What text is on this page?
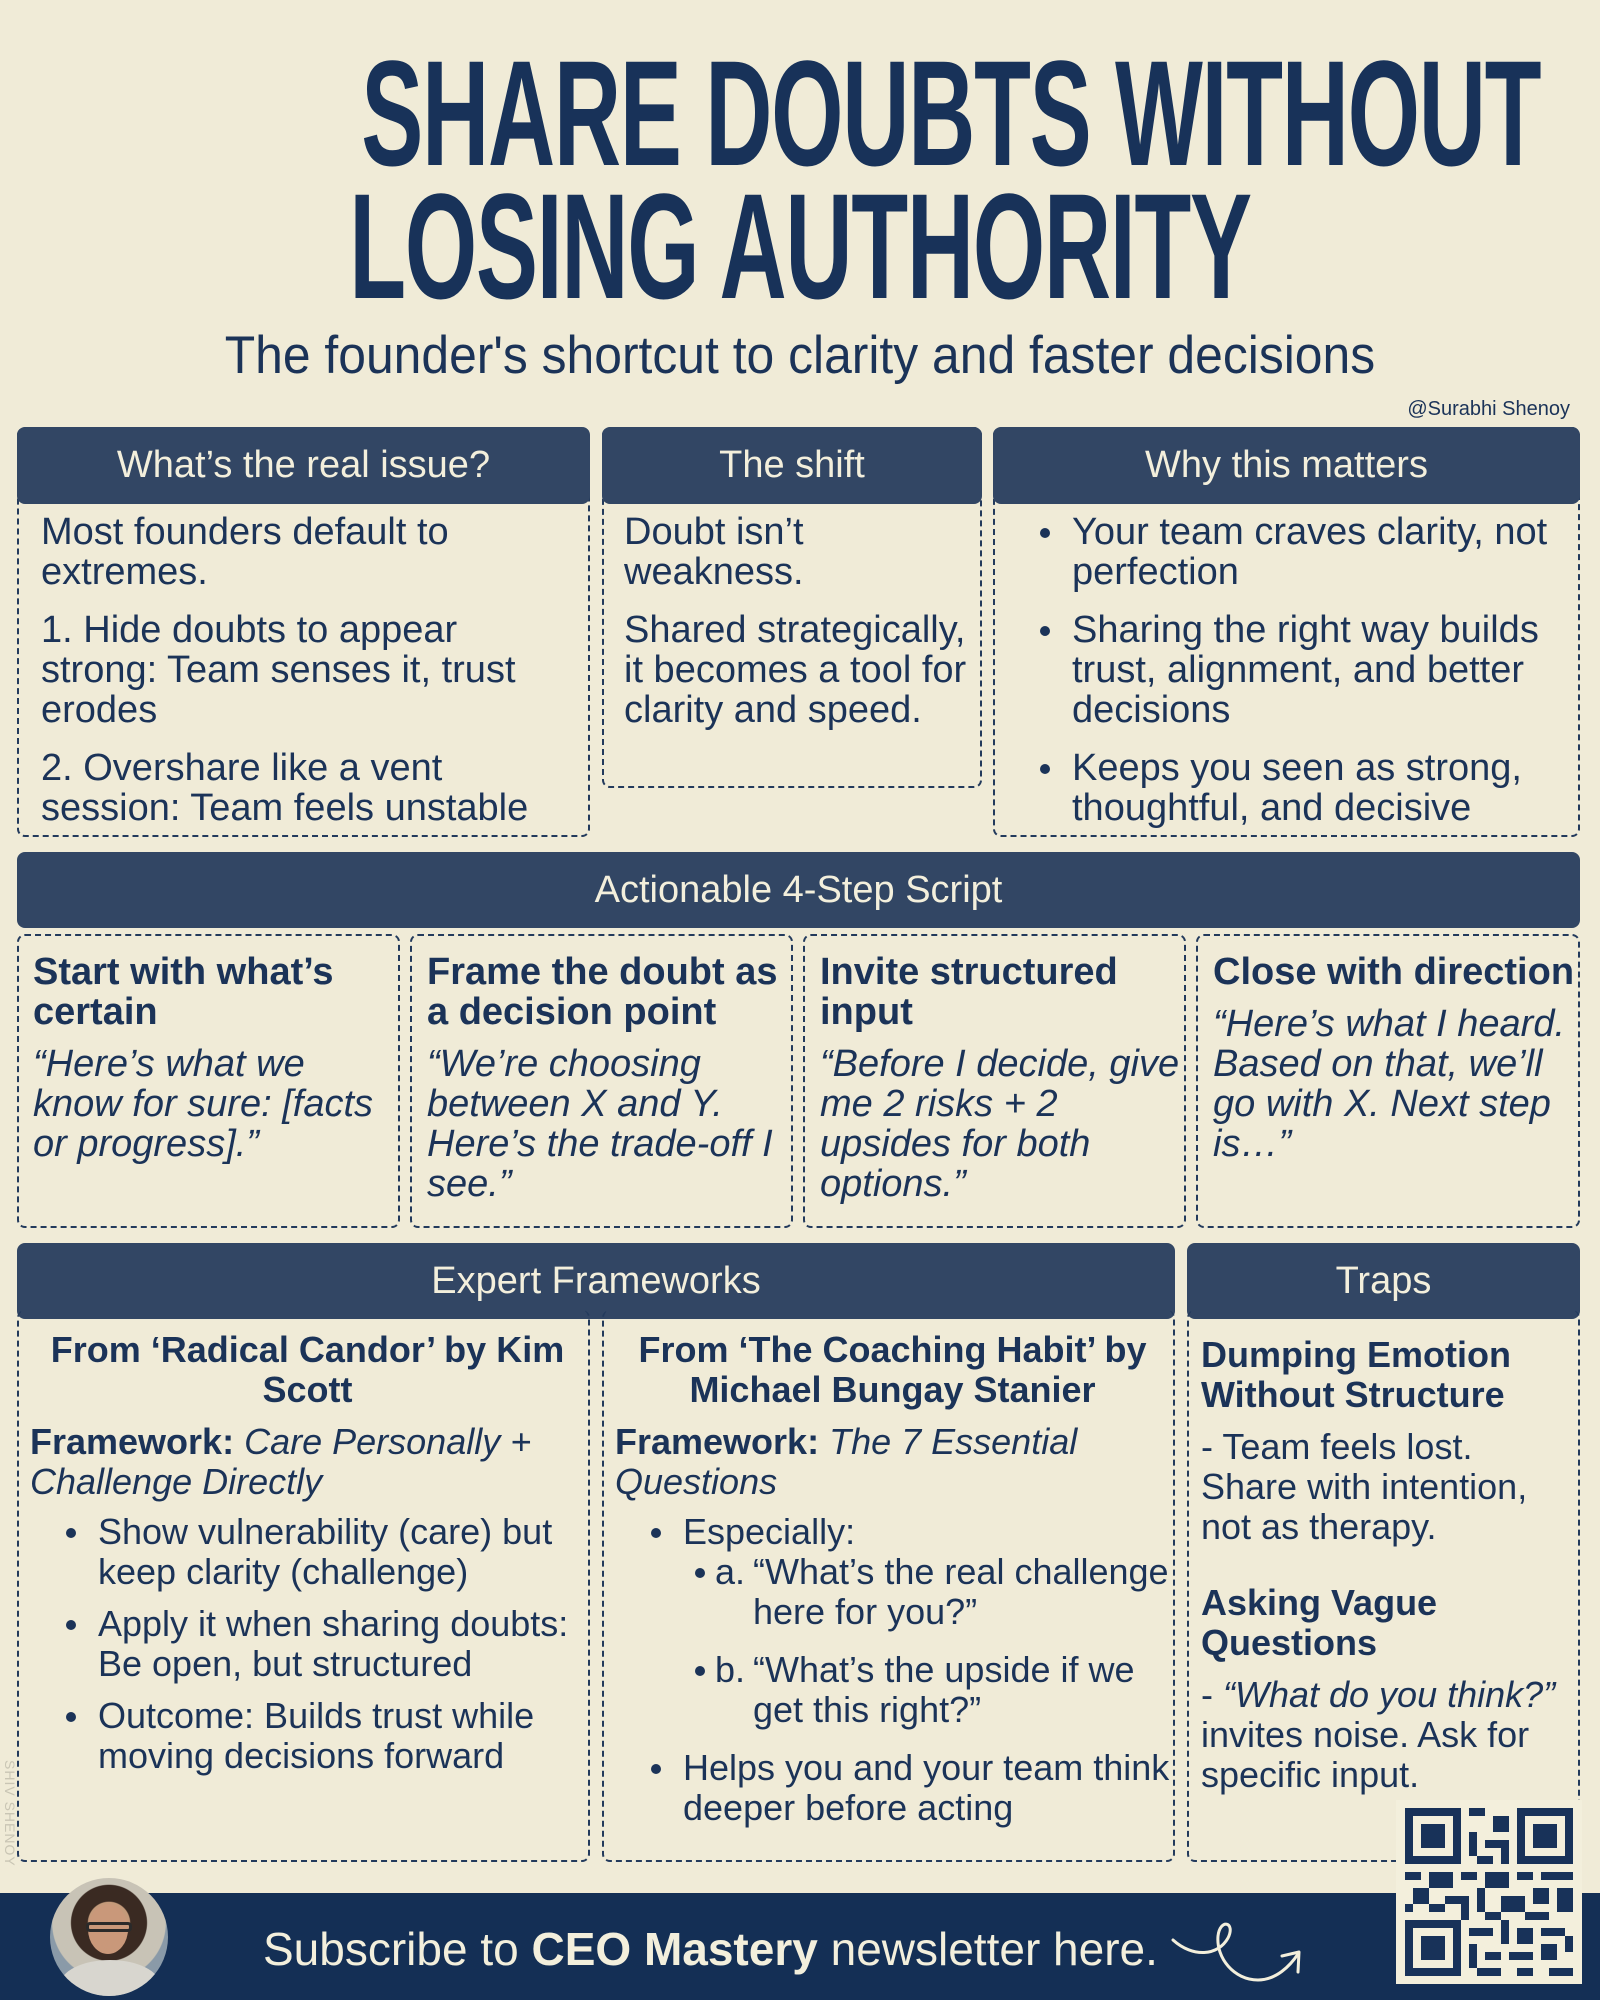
SHARE DOUBTS WITHOUT
LOSING AUTHORITY
The founder's shortcut to clarity and faster decisions
@Surabhi Shenoy
What’s the real issue?

Most founders default to extremes.

1. Hide doubts to appear strong: Team senses it, trust erodes

2. Overshare like a vent session: Team feels unstable

The shift

Doubt isn’t weakness.

Shared strategically, it becomes a tool for clarity and speed.

Why this matters
Your team craves clarity, not perfection
Sharing the right way builds trust, alignment, and better decisions
Keeps you seen as strong, thoughtful, and decisive
Actionable 4-Step Script
Start with what’s certain
“Here’s what we know for sure: [facts or progress].”
Frame the doubt as a decision point
“We’re choosing between X and Y. Here’s the trade-off I see.”
Invite structured input
“Before I decide, give me 2 risks + 2 upsides for both options.”
Close with direction
“Here’s what I heard. Based on that, we’ll go with X. Next step is…”
Expert Frameworks
From ‘Radical Candor’ by Kim Scott
Framework: Care Personally + Challenge Directly
Show vulnerability (care) but keep clarity (challenge)
Apply it when sharing doubts: Be open, but structured
Outcome: Builds trust while moving decisions forward
From ‘The Coaching Habit’ by Michael Bungay Stanier
Framework: The 7 Essential Questions
Especially:
a. “What’s the real challenge here for you?”
b. “What’s the upside if we get this right?”
Helps you and your team think deeper before acting
Traps
Dumping Emotion Without Structure
- Team feels lost. Share with intention, not as therapy.
Asking Vague Questions
- “What do you think?” invites noise. Ask for specific input.
SHIV SHENOY
Subscribe to CEO Mastery newsletter here.
